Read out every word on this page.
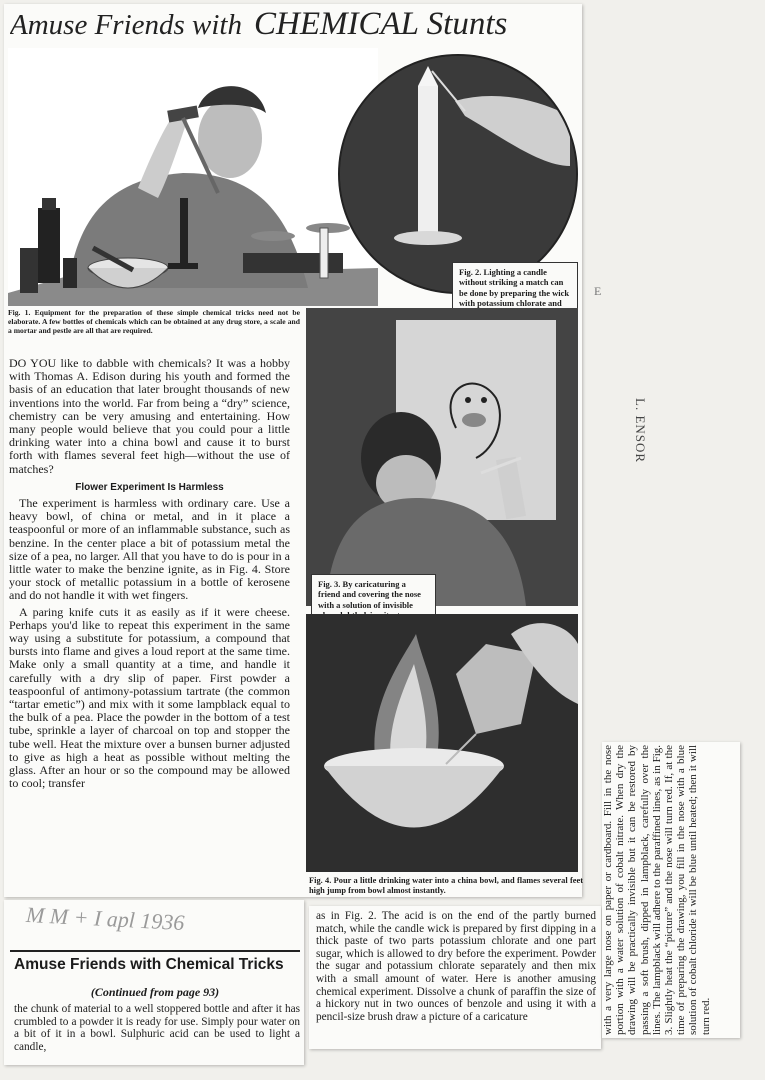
Amuse Friends with CHEMICAL Stunts
Fig. 1. Equipment for the preparation of these simple chemical tricks need not be elaborate. A few bottles of chemicals which can be obtained at any drug store, a scale and a mortar and pestle are all that are required.
Fig. 2. Lighting a candle without striking a match can be done by preparing the wick with potassium chlorate and
Fig. 3. By caricaturing a friend and covering the nose with a solution of invisible
Fig. 4. Pour a little drinking water into a china bowl, and flames several feet high jump from bowl almost instantly.

DO YOU like to dabble with chemicals? It was a hobby with Thomas A. Edison during his youth and formed the basis of an education that later brought thousands of new inventions into the world. Far from being a “dry” science, chemistry can be very amusing and entertaining. How many people would believe that you could pour a little drinking water into a china bowl and cause it to burst forth with flames several feet high—without the use of matches?

Flower Experiment Is Harmless

The experiment is harmless with ordinary care. Use a heavy bowl, of china or metal, and in it place a teaspoonful or more of an inflammable substance, such as benzine. In the center place a bit of potassium metal the size of a pea, no larger. All that you have to do is pour in a little water to make the benzine ignite, as in Fig. 4. Store your stock of metallic potassium in a bottle of kerosene and do not handle it with wet fingers.

A paring knife cuts it as easily as if it were cheese. Perhaps you'd like to repeat this experiment in the same way using a substitute for potassium, a compound that bursts into flame and gives a loud report at the same time. Make only a small quantity at a time, and handle it carefully with a dry slip of paper. First powder a teaspoonful of antimony-potassium tartrate (the common “tartar emetic”) and mix with it some lampblack equal to the bulk of a pea. Place the powder in the bottom of a test tube, sprinkle a layer of charcoal on top and stopper the tube well. Heat the mixture over a bunsen burner adjusted to give as high a heat as possible without melting the glass. After an hour or so the compound may be allowed to cool; transfer

E
L. ENSOR
M M + I apl 1936
Amuse Friends with Chemical Tricks
(Continued from page 93)
the chunk of material to a well stoppered bottle and after it has crumbled to a powder it is ready for use. Simply pour water on a bit of it in a bowl. Sulphuric acid can be used to light a candle,
as in Fig. 2. The acid is on the end of the partly burned match, while the candle wick is prepared by first dipping in a thick paste of two parts potassium chlorate and one part sugar, which is allowed to dry before the experiment. Powder the sugar and potassium chlorate separately and then mix with a small amount of water. Here is another amusing chemical experiment. Dissolve a chunk of paraffin the size of a hickory nut in two ounces of benzole and using it with a pencil-size brush draw a picture of a caricature	with a very large nose on paper or cardboard. Fill in the nose portion with a water solution of cobalt nitrate. When dry the drawing will be practically invisible but it can be restored by passing a soft brush, dipped in lampblack, carefully over the lines. The lampblack will adhere to the paraffined lines, as in Fig. 3. Slightly heat the “picture” and the nose will turn red. If, at the time of preparing the drawing, you fill in the nose with a blue solution of cobalt chloride it will be blue until heated; then it will turn red.
